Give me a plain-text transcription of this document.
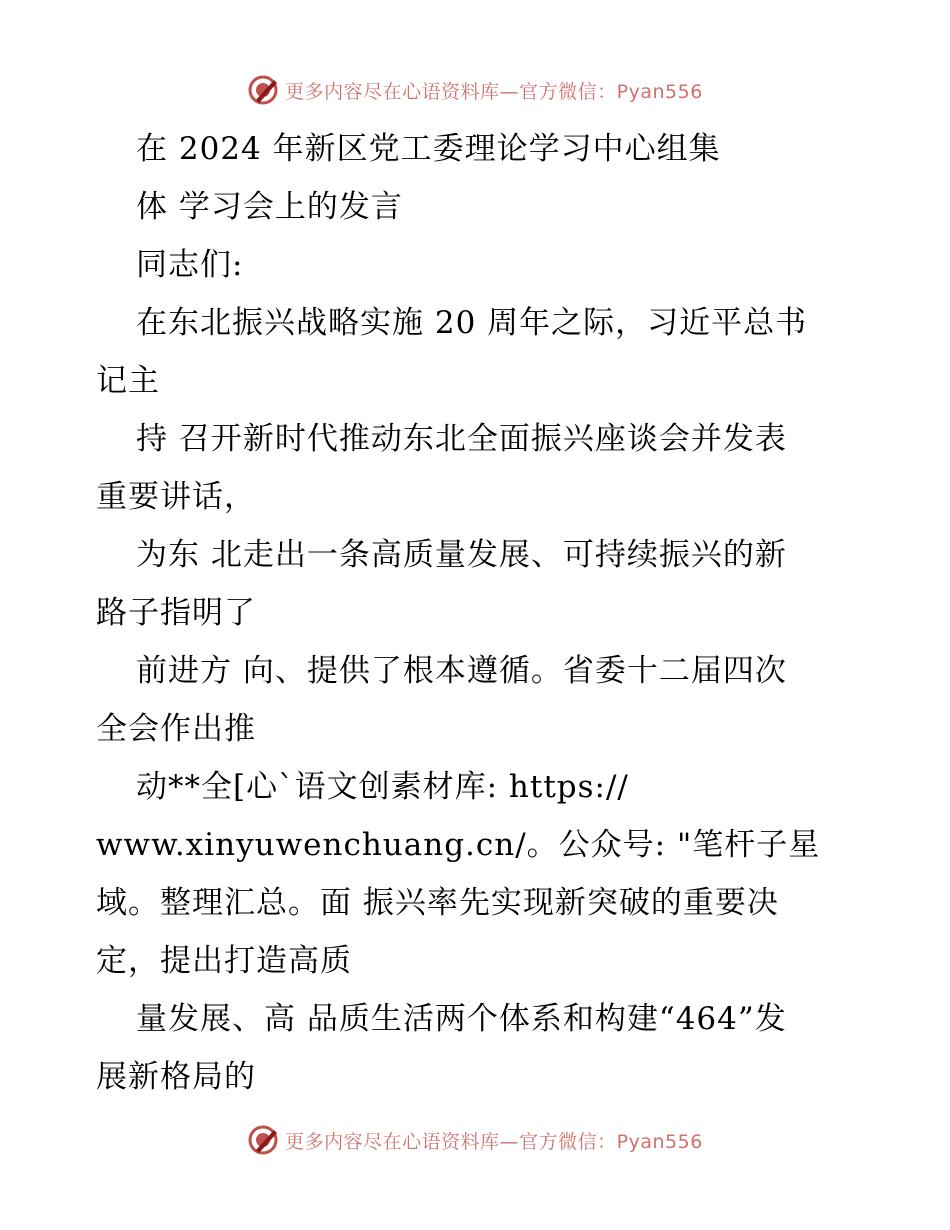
更多内容尽在心语资料库—官方微信：Pyan556
在 2024 年新区党工委理论学习中心组集
体 学习会上的发言
同志们:
在东北振兴战略实施 20 周年之际，习近平总书
记主
持 召开新时代推动东北全面振兴座谈会并发表
重要讲话，
为东 北走出一条高质量发展、可持续振兴的新
路子指明了
前进方 向、提供了根本遵循。省委十二届四次
全会作出推
动**全[心`语文创素材库: https://
www.xinyuwenchuang.cn/。公众号: "笔杆子星
域。整理汇总。面 振兴率先实现新突破的重要决
定，提出打造高质
量发展、高 品质生活两个体系和构建“464”发
展新格局的
更多内容尽在心语资料库—官方微信：Pyan556
